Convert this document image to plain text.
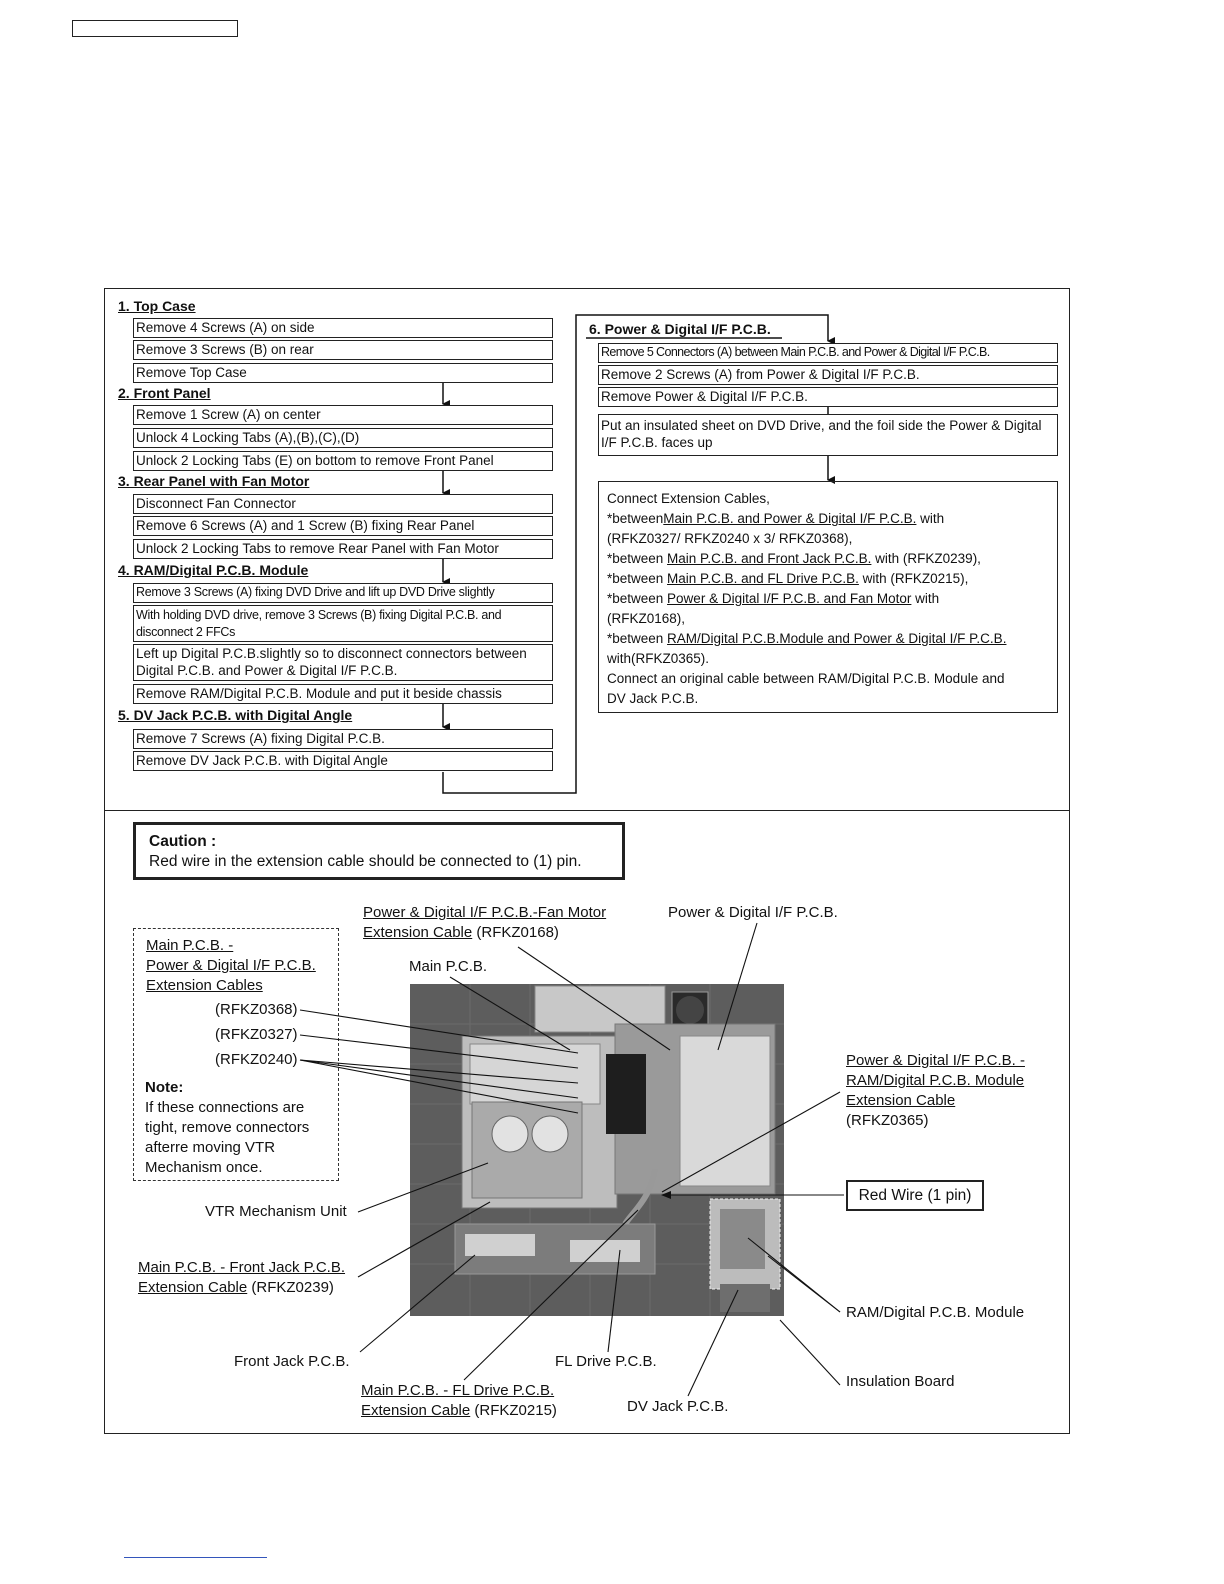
1. Top Case
Remove 4 Screws (A) on side
Remove 3 Screws (B) on rear
Remove Top Case
2. Front Panel
Remove 1 Screw (A) on center
Unlock 4 Locking Tabs (A),(B),(C),(D)
Unlock 2 Locking Tabs (E) on bottom to remove Front Panel
3. Rear Panel with Fan Motor
Disconnect Fan Connector
Remove 6 Screws (A) and 1 Screw (B) fixing Rear Panel
Unlock 2 Locking Tabs to remove Rear Panel with Fan Motor
4. RAM/Digital P.C.B. Module
Remove 3 Screws (A) fixing DVD Drive and lift up DVD Drive slightly
With holding DVD drive, remove 3 Screws (B) fixing Digital P.C.B. and disconnect 2 FFCs
Left up Digital P.C.B.slightly so to disconnect connectors between Digital P.C.B. and Power & Digital I/F P.C.B.
Remove RAM/Digital P.C.B. Module and put it beside chassis
5. DV Jack P.C.B. with Digital Angle
Remove 7 Screws (A) fixing Digital P.C.B.
Remove DV Jack P.C.B. with Digital Angle
6. Power & Digital I/F P.C.B.
Remove 5 Connectors (A) between Main P.C.B. and Power & Digital I/F P.C.B.
Remove 2 Screws (A) from Power & Digital I/F P.C.B.
Remove Power & Digital I/F P.C.B.
Put an insulated sheet on DVD Drive, and the foil side the Power & Digital I/F P.C.B. faces up
Connect Extension Cables,
*betweenMain P.C.B. and Power & Digital I/F P.C.B. with
(RFKZ0327/ RFKZ0240 x 3/ RFKZ0368),
*between Main P.C.B. and Front Jack P.C.B. with (RFKZ0239),
*between Main P.C.B. and FL Drive P.C.B. with (RFKZ0215),
*between Power & Digital I/F P.C.B. and Fan Motor with
(RFKZ0168),
*between RAM/Digital P.C.B.Module and Power & Digital I/F P.C.B.
with(RFKZ0365).
Connect an original cable between RAM/Digital P.C.B. Module and
DV Jack P.C.B.
Caution :
Red wire in the extension cable should be connected to (1) pin.
Main P.C.B. -
Power & Digital I/F P.C.B.
Extension Cables
(RFKZ0368)
(RFKZ0327)
(RFKZ0240)
Note:
If these connections are
tight, remove connectors
afterre moving VTR
Mechanism once.
Power & Digital I/F P.C.B.-Fan Motor
Extension Cable (RFKZ0168)
Power & Digital I/F P.C.B.
Main P.C.B.
Power & Digital I/F P.C.B. -
RAM/Digital P.C.B. Module
Extension Cable
(RFKZ0365)
Red Wire (1 pin)
RAM/Digital P.C.B. Module
Insulation Board
VTR Mechanism Unit
Main P.C.B. - Front Jack P.C.B.
Extension Cable (RFKZ0239)
Front Jack P.C.B.	FL Drive P.C.B.
Main P.C.B. - FL Drive P.C.B.
Extension Cable (RFKZ0215)	DV Jack P.C.B.
